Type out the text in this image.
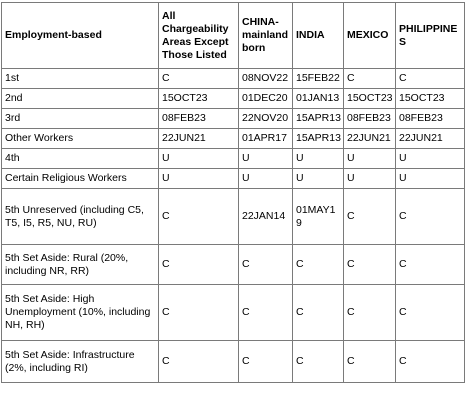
Employment-based	All Chargeability Areas Except Those Listed	CHINA-mainland born	INDIA	MEXICO	PHILIPPINES
1st	C	08NOV22	15FEB22	C	C
2nd	15OCT23	01DEC20	01JAN13	15OCT23	15OCT23
3rd	08FEB23	22NOV20	15APR13	08FEB23	08FEB23
Other Workers	22JUN21	01APR17	15APR13	22JUN21	22JUN21
4th	U	U	U	U	U
Certain Religious Workers	U	U	U	U	U
5th Unreserved (including C5, T5, I5, R5, NU, RU)	C	22JAN14	01MAY19	C	C
5th Set Aside: Rural (20%, including NR, RR)	C	C	C	C	C
5th Set Aside: High Unemployment (10%, including NH, RH)	C	C	C	C	C
5th Set Aside: Infrastructure (2%, including RI)	C	C	C	C	C
